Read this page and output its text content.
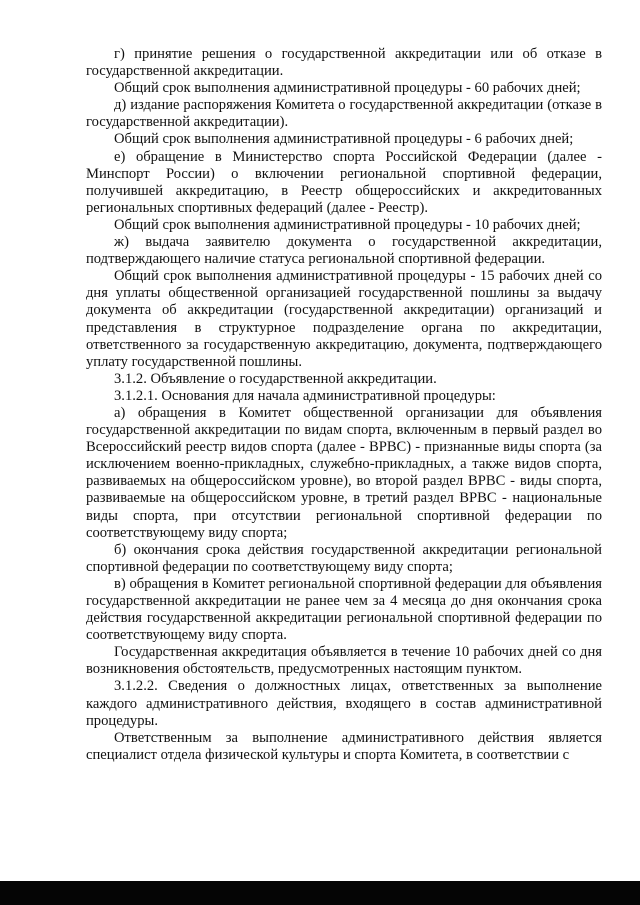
г) принятие решения о государственной аккредитации или об отказе в государственной аккредитации.

Общий срок выполнения административной процедуры - 60 рабочих дней;

д) издание распоряжения Комитета о государственной аккредитации (отказе в государственной аккредитации).

Общий срок выполнения административной процедуры - 6 рабочих дней;

е) обращение в Министерство спорта Российской Федерации (далее - Минспорт России) о включении региональной спортивной федерации, получившей аккредитацию, в Реестр общероссийских и аккредитованных региональных спортивных федераций (далее - Реестр).

Общий срок выполнения административной процедуры - 10 рабочих дней;

ж) выдача заявителю документа о государственной аккредитации, подтверждающего наличие статуса региональной спортивной федерации.

Общий срок выполнения административной процедуры - 15 рабочих дней со дня уплаты общественной организацией государственной пошлины за выдачу документа об аккредитации (государственной аккредитации) организаций и представления в структурное подразделение органа по аккредитации, ответственного за государственную аккредитацию, документа, подтверждающего уплату государственной пошлины.

3.1.2. Объявление о государственной аккредитации.

3.1.2.1. Основания для начала административной процедуры:

а) обращения в Комитет общественной организации для объявления государственной аккредитации по видам спорта, включенным в первый раздел во Всероссийский реестр видов спорта (далее - ВРВС) - признанные виды спорта (за исключением военно-прикладных, служебно-прикладных, а также видов спорта, развиваемых на общероссийском уровне), во второй раздел ВРВС - виды спорта, развиваемые на общероссийском уровне, в третий раздел ВРВС - национальные виды спорта, при отсутствии региональной спортивной федерации по соответствующему виду спорта;

б) окончания срока действия государственной аккредитации региональной спортивной федерации по соответствующему виду спорта;

в) обращения в Комитет региональной спортивной федерации для объявления государственной аккредитации не ранее чем за 4 месяца до дня окончания срока действия государственной аккредитации региональной спортивной федерации по соответствующему виду спорта.

Государственная аккредитация объявляется в течение 10 рабочих дней со дня возникновения обстоятельств, предусмотренных настоящим пунктом.

3.1.2.2. Сведения о должностных лицах, ответственных за выполнение каждого административного действия, входящего в состав административной процедуры.

Ответственным за выполнение административного действия является специалист отдела физической культуры и спорта Комитета, в соответствии с
